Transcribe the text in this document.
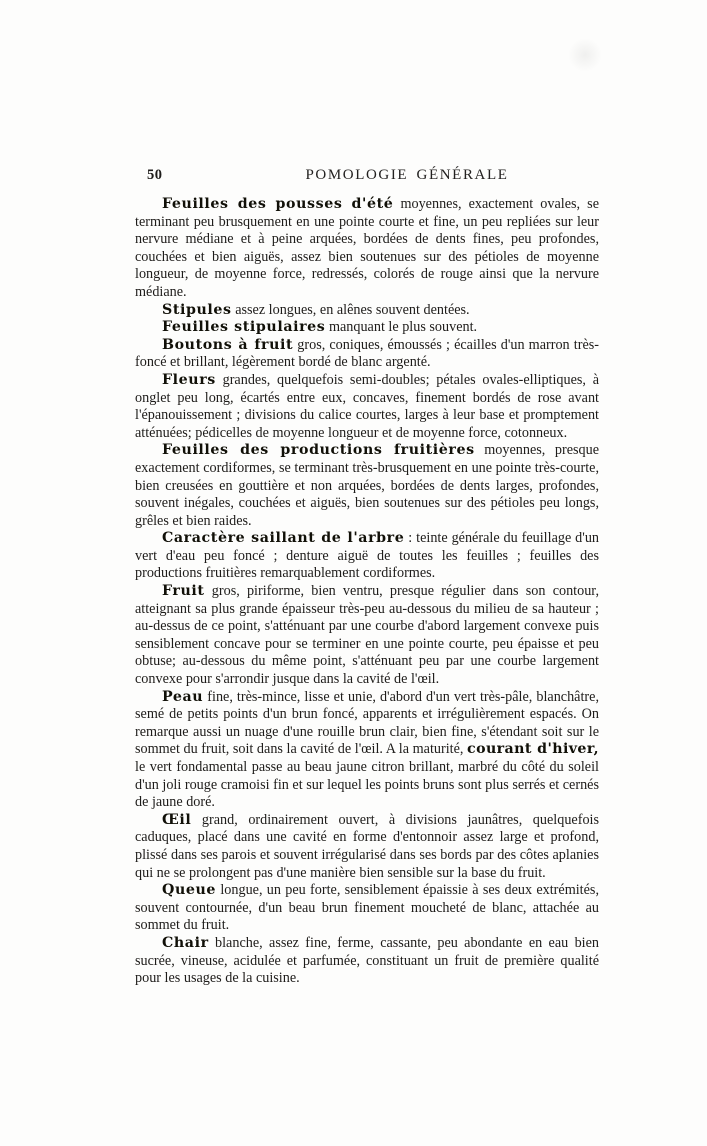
50	POMOLOGIE GÉNÉRALE

Feuilles des pousses d'été moyennes, exactement ovales, se terminant peu brusquement en une pointe courte et fine, un peu repliées sur leur nervure médiane et à peine arquées, bordées de dents fines, peu profondes, couchées et bien aiguës, assez bien soutenues sur des pétioles de moyenne longueur, de moyenne force, redressés, colorés de rouge ainsi que la nervure médiane.

Stipules assez longues, en alênes souvent dentées.

Feuilles stipulaires manquant le plus souvent.

Boutons à fruit gros, coniques, émoussés ; écailles d'un marron très-foncé et brillant, légèrement bordé de blanc argenté.

Fleurs grandes, quelquefois semi-doubles; pétales ovales-elliptiques, à onglet peu long, écartés entre eux, concaves, finement bordés de rose avant l'épanouissement ; divisions du calice courtes, larges à leur base et promptement atténuées; pédicelles de moyenne longueur et de moyenne force, cotonneux.

Feuilles des productions fruitières moyennes, presque exactement cordiformes, se terminant très-brusquement en une pointe très-courte, bien creusées en gouttière et non arquées, bordées de dents larges, profondes, souvent inégales, couchées et aiguës, bien soutenues sur des pétioles peu longs, grêles et bien raides.

Caractère saillant de l'arbre : teinte générale du feuillage d'un vert d'eau peu foncé ; denture aiguë de toutes les feuilles ; feuilles des productions fruitières remarquablement cordiformes.

Fruit gros, piriforme, bien ventru, presque régulier dans son contour, atteignant sa plus grande épaisseur très-peu au-dessous du milieu de sa hauteur ; au-dessus de ce point, s'atténuant par une courbe d'abord largement convexe puis sensiblement concave pour se terminer en une pointe courte, peu épaisse et peu obtuse; au-dessous du même point, s'atténuant peu par une courbe largement convexe pour s'arrondir jusque dans la cavité de l'œil.

Peau fine, très-mince, lisse et unie, d'abord d'un vert très-pâle, blanchâtre, semé de petits points d'un brun foncé, apparents et irrégulièrement espacés. On remarque aussi un nuage d'une rouille brun clair, bien fine, s'étendant soit sur le sommet du fruit, soit dans la cavité de l'œil. A la maturité, courant d'hiver, le vert fondamental passe au beau jaune citron brillant, marbré du côté du soleil d'un joli rouge cramoisi fin et sur lequel les points bruns sont plus serrés et cernés de jaune doré.

Œil grand, ordinairement ouvert, à divisions jaunâtres, quelquefois caduques, placé dans une cavité en forme d'entonnoir assez large et profond, plissé dans ses parois et souvent irrégularisé dans ses bords par des côtes aplanies qui ne se prolongent pas d'une manière bien sensible sur la base du fruit.

Queue longue, un peu forte, sensiblement épaissie à ses deux extrémités, souvent contournée, d'un beau brun finement moucheté de blanc, attachée au sommet du fruit.

Chair blanche, assez fine, ferme, cassante, peu abondante en eau bien sucrée, vineuse, acidulée et parfumée, constituant un fruit de première qualité pour les usages de la cuisine.
